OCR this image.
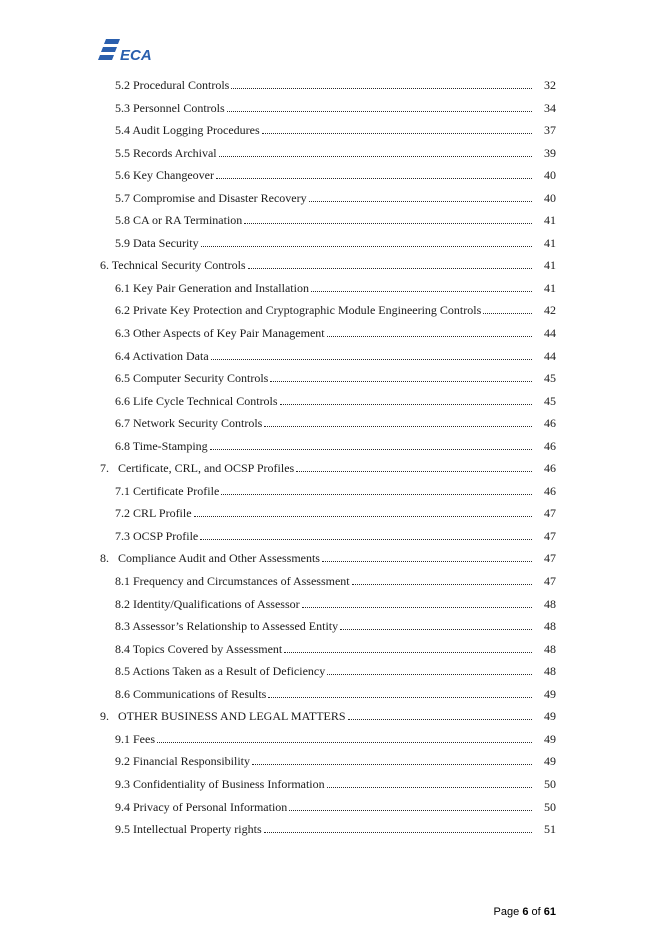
ECA
5.2 Procedural Controls	32
5.3 Personnel Controls	34
5.4 Audit Logging Procedures	37
5.5 Records Archival	39
5.6 Key Changeover	40
5.7 Compromise and Disaster Recovery	40
5.8 CA or RA Termination	41
5.9 Data Security	41
6. Technical Security Controls	41
6.1 Key Pair Generation and Installation	41
6.2 Private Key Protection and Cryptographic Module Engineering Controls	42
6.3 Other Aspects of Key Pair Management	44
6.4 Activation Data	44
6.5 Computer Security Controls	45
6.6 Life Cycle Technical Controls	45
6.7 Network Security Controls	46
6.8 Time-Stamping	46
7.   Certificate, CRL, and OCSP Profiles	46
7.1 Certificate Profile	46
7.2 CRL Profile	47
7.3 OCSP Profile	47
8.   Compliance Audit and Other Assessments	47
8.1 Frequency and Circumstances of Assessment	47
8.2 Identity/Qualifications of Assessor	48
8.3 Assessor’s Relationship to Assessed Entity	48
8.4 Topics Covered by Assessment	48
8.5 Actions Taken as a Result of Deficiency	48
8.6 Communications of Results	49
9.   OTHER BUSINESS AND LEGAL MATTERS	49
9.1 Fees	49
9.2 Financial Responsibility	49
9.3 Confidentiality of Business Information	50
9.4 Privacy of Personal Information	50
9.5 Intellectual Property rights	51
Page 6 of 61
